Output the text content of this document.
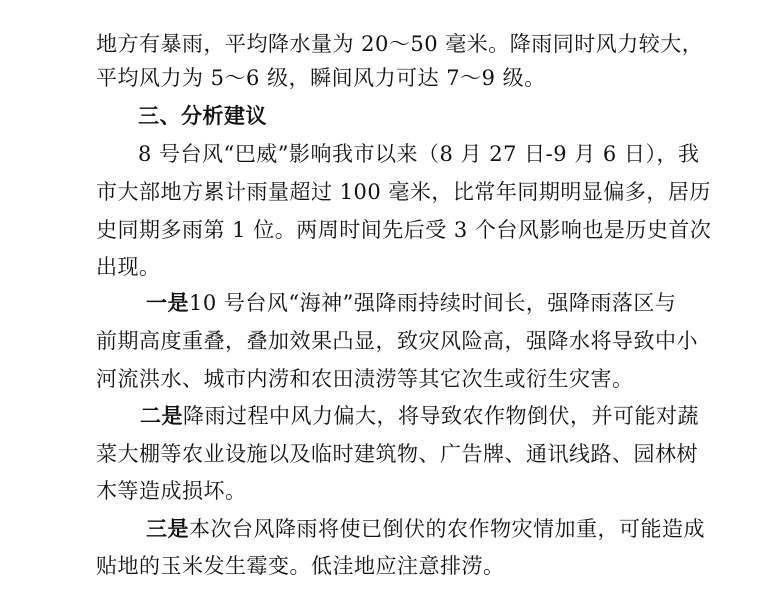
地方有暴雨，平均降水量为 20～50 毫米。降雨同时风力较大，
平均风力为 5～6 级，瞬间风力可达 7～9 级。
三、分析建议
8 号台风“巴威”影响我市以来（8 月 27 日-9 月 6 日），我
市大部地方累计雨量超过 100 毫米，比常年同期明显偏多，居历
史同期多雨第 1 位。两周时间先后受 3 个台风影响也是历史首次
出现。
一是10 号台风“海神”强降雨持续时间长，强降雨落区与
前期高度重叠，叠加效果凸显，致灾风险高，强降水将导致中小
河流洪水、城市内涝和农田渍涝等其它次生或衍生灾害。
二是降雨过程中风力偏大，将导致农作物倒伏，并可能对蔬
菜大棚等农业设施以及临时建筑物、广告牌、通讯线路、园林树
木等造成损坏。
三是本次台风降雨将使已倒伏的农作物灾情加重，可能造成
贴地的玉米发生霉变。低洼地应注意排涝。
